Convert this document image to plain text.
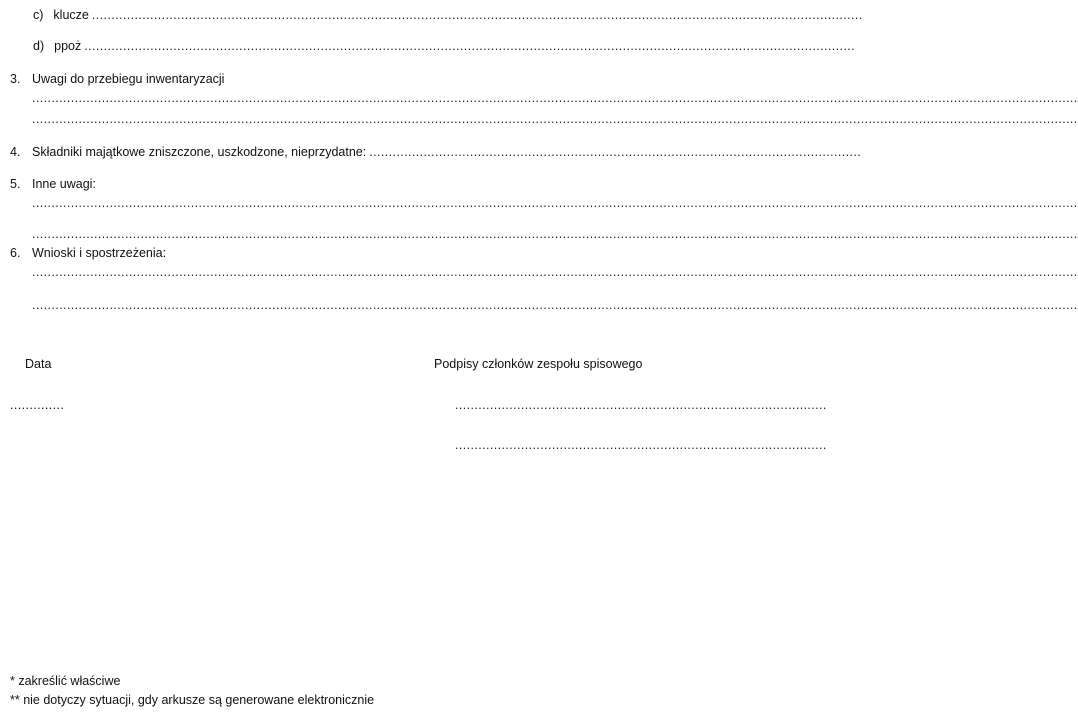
c) klucze .......................................................................................................................................................................................................
d) ppoż .......................................................................................................................................................................................................
3. Uwagi do przebiegu inwentaryzacji
..............................................................................................................................................................................................................................................................................
..............................................................................................................................................................................................................................................................................
4. Składniki majątkowe zniszczone, uszkodzone, nieprzydatne: ...............................................................................................................................
5. Inne uwagi:
..............................................................................................................................................................................................................................................................................
..............................................................................................................................................................................................................................................................................
6. Wnioski i spostrzeżenia:
..............................................................................................................................................................................................................................................................................
..............................................................................................................................................................................................................................................................................
Data	Podpisy członków zespołu spisowego
..............	................................................................................................
................................................................................................
* zakreślić właściwe
** nie dotyczy sytuacji, gdy arkusze są generowane elektronicznie
